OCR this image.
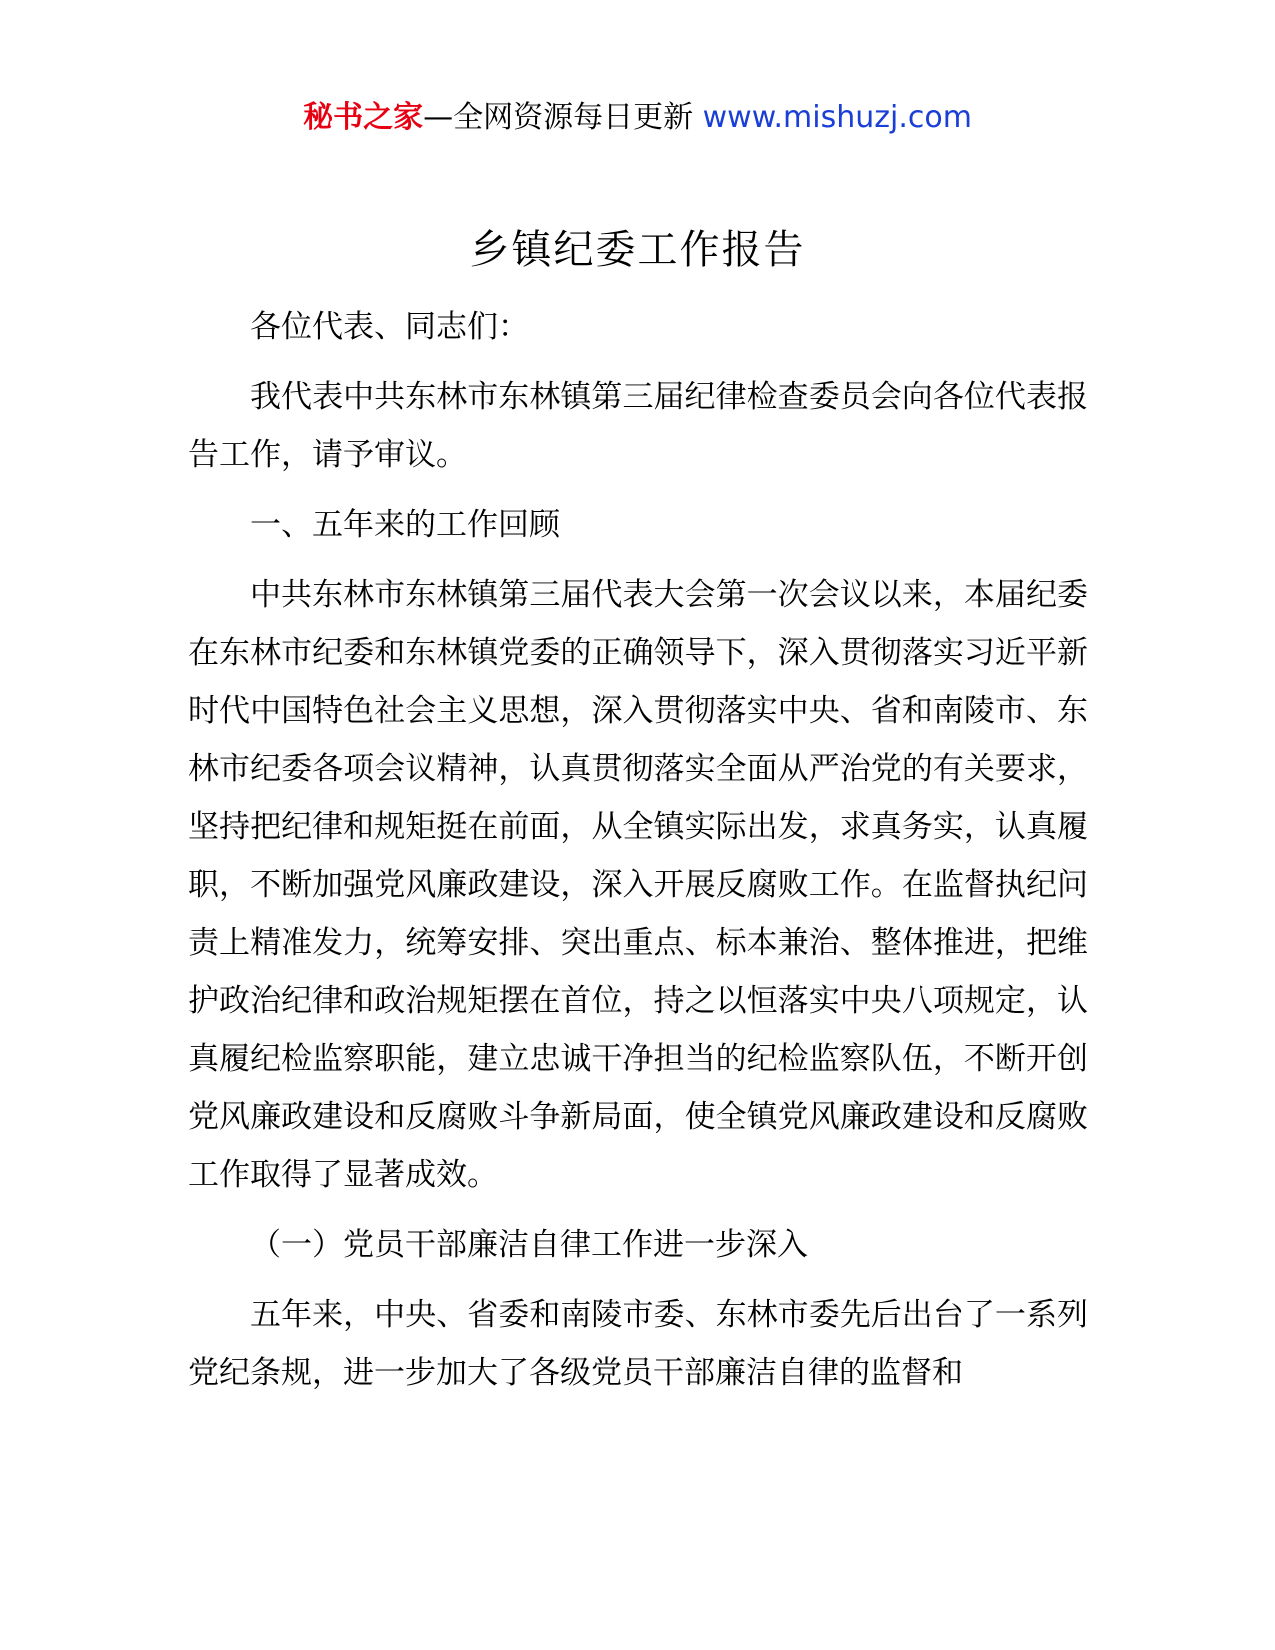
秘书之家—全网资源每日更新 www.mishuzj.com
乡镇纪委工作报告

各位代表、同志们：

我代表中共东林市东林镇第三届纪律检查委员会向各位代表报告工作，请予审议。

一、五年来的工作回顾

中共东林市东林镇第三届代表大会第一次会议以来，本届纪委在东林市纪委和东林镇党委的正确领导下，深入贯彻落实习近平新时代中国特色社会主义思想，深入贯彻落实中央、省和南陵市、东林市纪委各项会议精神，认真贯彻落实全面从严治党的有关要求，坚持把纪律和规矩挺在前面，从全镇实际出发，求真务实，认真履职，不断加强党风廉政建设，深入开展反腐败工作。在监督执纪问责上精准发力，统筹安排、突出重点、标本兼治、整体推进，把维护政治纪律和政治规矩摆在首位，持之以恒落实中央八项规定，认真履纪检监察职能，建立忠诚干净担当的纪检监察队伍，不断开创党风廉政建设和反腐败斗争新局面，使全镇党风廉政建设和反腐败工作取得了显著成效。

（一）党员干部廉洁自律工作进一步深入

五年来，中央、省委和南陵市委、东林市委先后出台了一系列党纪条规，进一步加大了各级党员干部廉洁自律的监督和
